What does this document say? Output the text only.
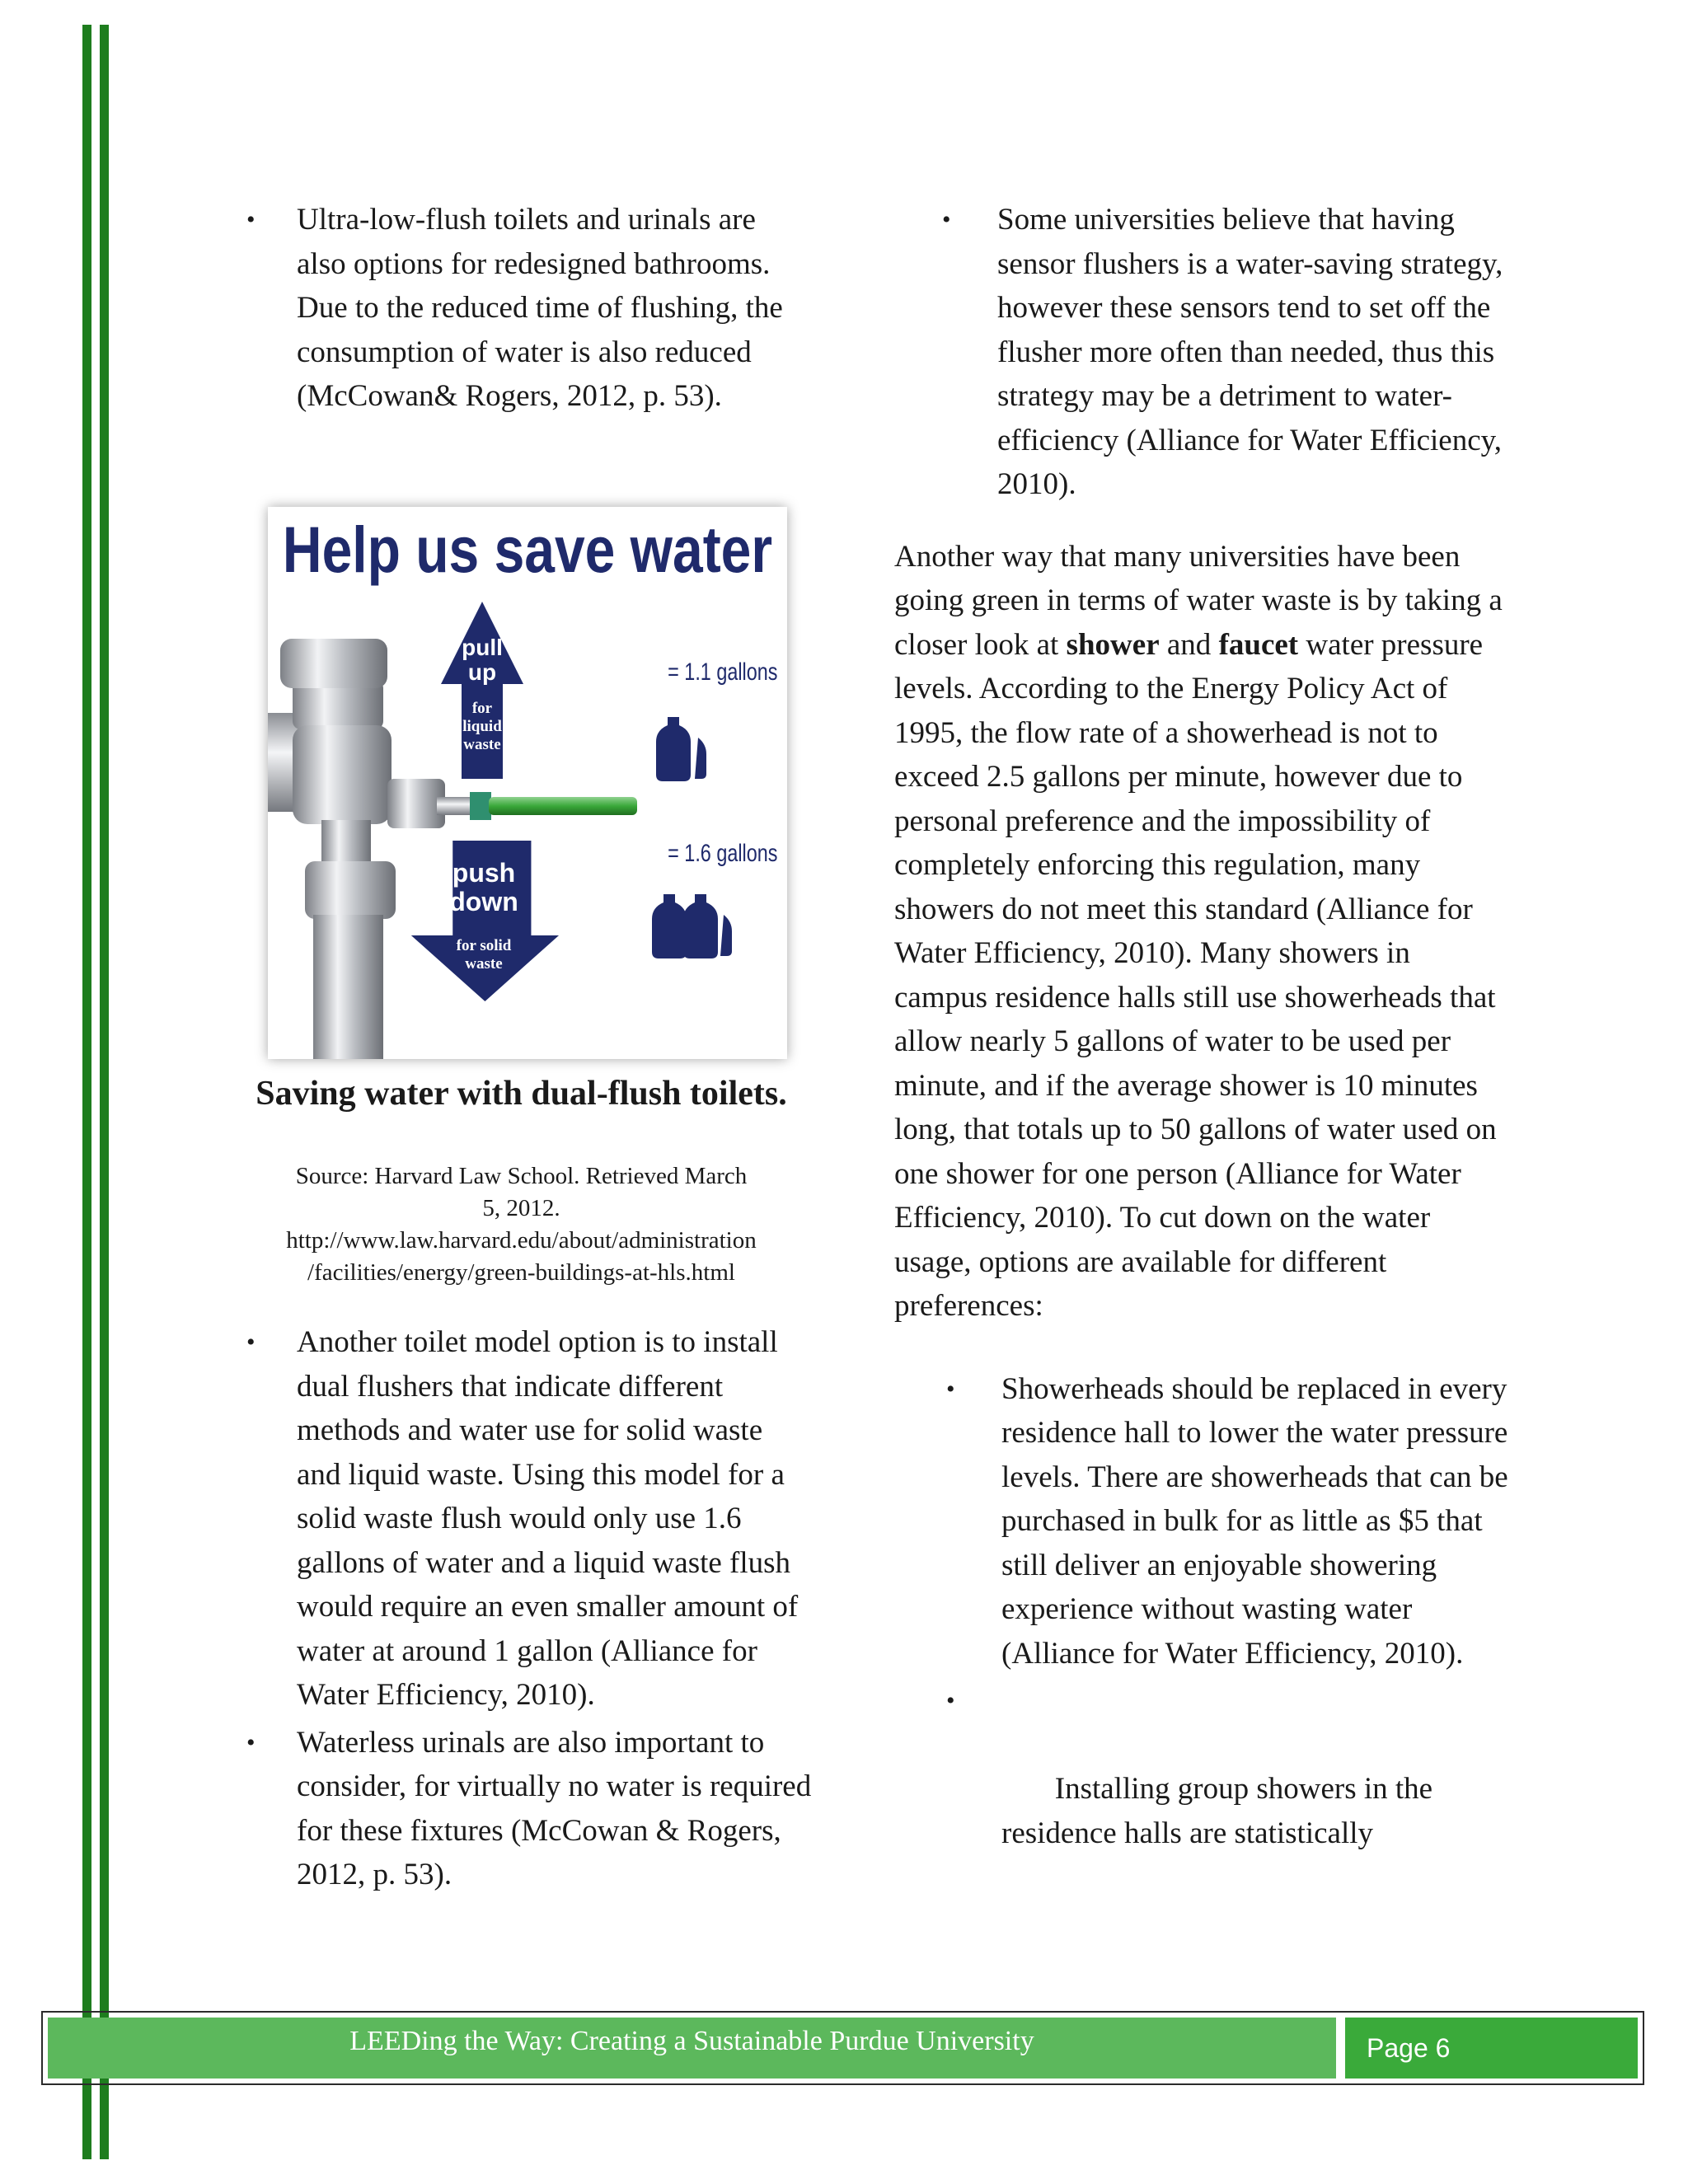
•	Ultra-low-flush toilets and urinals are also options for redesigned bathrooms. Due to the reduced time of flushing, the consumption of water is also reduced (McCowan& Rogers, 2012, p. 53).
Help us save water
pull
up
for
liquid
waste
push
down
for solid
waste
= 1.1 gallons
= 1.6 gallons
Saving water with dual-flush toilets.
Source: Harvard Law School. Retrieved March
5, 2012.
http://www.law.harvard.edu/about/administration
/facilities/energy/green-buildings-at-hls.html
•	Another toilet model option is to install dual flushers that indicate different methods and water use for solid waste and liquid waste. Using this model for a solid waste flush would only use 1.6 gallons of water and a liquid waste flush would require an even smaller amount of water at around 1 gallon (Alliance for Water Efficiency, 2010).
•	Waterless urinals are also important to consider, for virtually no water is required for these fixtures (McCowan & Rogers, 2012, p. 53).
•	Some universities believe that having sensor flushers is a water-saving strategy, however these sensors tend to set off the flusher more often than needed, thus this strategy may be a detriment to water-efficiency (Alliance for Water Efficiency, 2010).

Another way that many universities have been going green in terms of water waste is by taking a closer look at shower and faucet water pressure levels. According to the Energy Policy Act of 1995, the flow rate of a showerhead is not to exceed 2.5 gallons per minute, however due to personal preference and the impossibility of completely enforcing this regulation, many showers do not meet this standard (Alliance for Water Efficiency, 2010). Many showers in campus residence halls still use showerheads that allow nearly 5 gallons of water to be used per minute, and if the average shower is 10 minutes long, that totals up to 50 gallons of water used on one shower for one person (Alliance for Water Efficiency, 2010). To cut down on the water usage, options are available for different preferences:

•	Showerheads should be replaced in every residence hall to lower the water pressure levels. There are showerheads that can be purchased in bulk for as little as $5 that still deliver an enjoyable showering experience without wasting water (Alliance for Water Efficiency, 2010).

•

Installing group showers in the residence halls are statistically

LEEDing the Way: Creating a Sustainable Purdue University	Page 6
